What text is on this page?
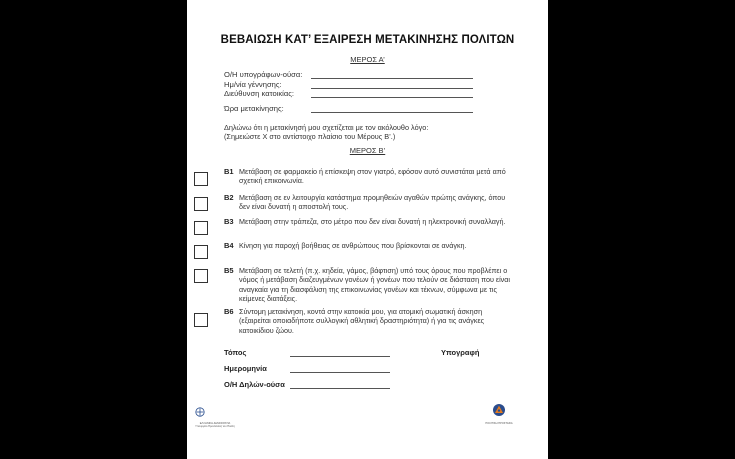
ΒΕΒΑΙΩΣΗ ΚΑΤ’ ΕΞΑΙΡΕΣΗ ΜΕΤΑΚΙΝΗΣΗΣ ΠΟΛΙΤΩΝ
ΜΕΡΟΣ Α’
Ο/Η υπογράφων-ούσα:
Ημ/νία γέννησης:
Διεύθυνση κατοικίας:
Ώρα μετακίνησης:
Δηλώνω ότι η μετακίνησή μου σχετίζεται με τον ακόλουθο λόγο:
(Σημειώστε Χ στο αντίστοιχο πλαίσιο του Μέρους Β’.)
ΜΕΡΟΣ Β’
Β1 Μετάβαση σε φαρμακείο ή επίσκεψη στον γιατρό, εφόσον αυτό συνιστάται μετά από σχετική επικοινωνία.
Β2 Μετάβαση σε εν λειτουργία κατάστημα προμηθειών αγαθών πρώτης ανάγκης, όπου δεν είναι δυνατή η αποστολή τους.
Β3 Μετάβαση στην τράπεζα, στο μέτρο που δεν είναι δυνατή η ηλεκτρονική συναλλαγή.
Β4 Κίνηση για παροχή βοήθειας σε ανθρώπους που βρίσκονται σε ανάγκη.
Β5 Μετάβαση σε τελετή (π.χ. κηδεία, γάμος, βάφτιση) υπό τους όρους που προβλέπει ο νόμος ή μετάβαση διαζευγμένων γονέων ή γονέων που τελούν σε διάσταση που είναι αναγκαία για τη διασφάλιση της επικοινωνίας γονέων και τέκνων, σύμφωνα με τις κείμενες διατάξεις.
Β6 Σύντομη μετακίνηση, κοντά στην κατοικία μου, για ατομική σωματική άσκηση (εξαιρείται οποιαδήποτε συλλογική αθλητική δραστηριότητα) ή για τις ανάγκες κατοικίδιου ζώου.
Τόπος	Υπογραφή
Ημερομηνία
Ο/Η Δηλών-ούσα
ΕΛΛΗΝΙΚΗ ΔΗΜΟΚΡΑΤΙΑ Υπουργείο Προστασίας του Πολίτη
ΠΟΛΙΤΙΚΗ ΠΡΟΣΤΑΣΙΑ
